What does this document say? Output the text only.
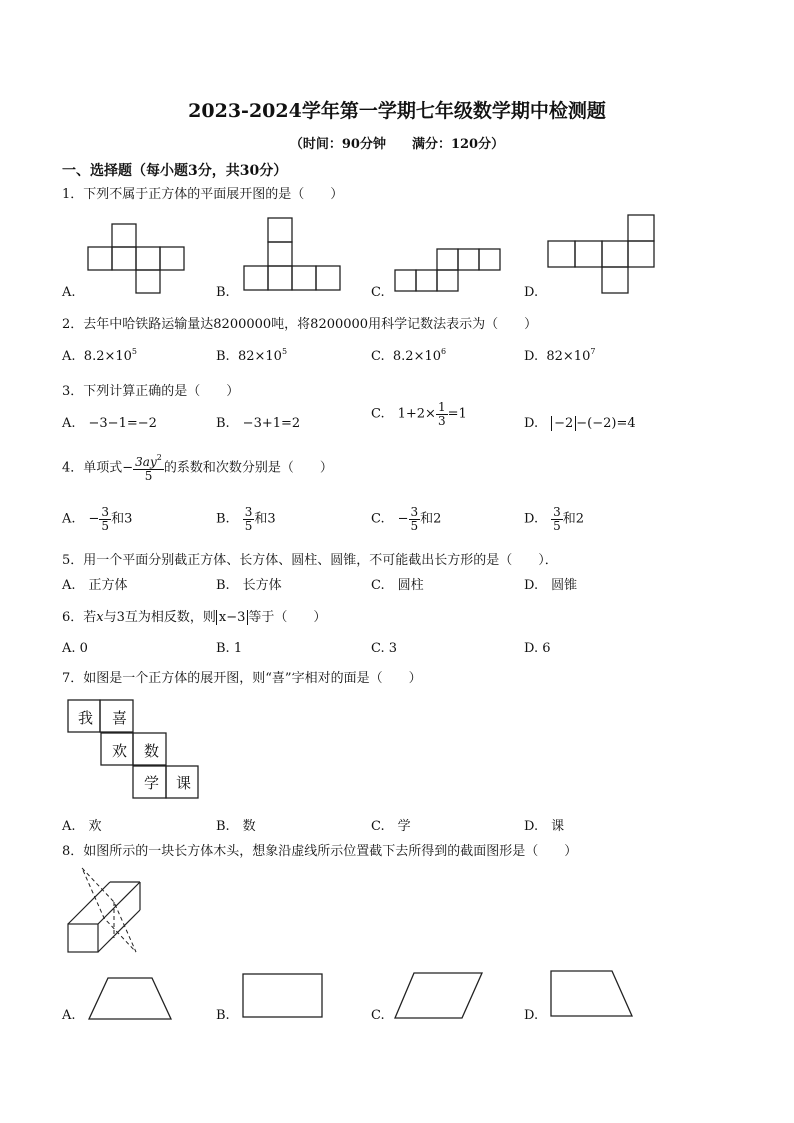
2023-2024学年第一学期七年级数学期中检测题
（时间：90分钟　　满分：120分）
一、选择题（每小题3分，共30分）
1．下列不属于正方体的平面展开图的是（　　）
A.	B.	C.	D.
2．去年中哈铁路运输量达8200000吨，将8200000用科学记数法表示为（　　）
A. $8.2\times 10^5$	B. $82\times 10^5$	C. $8.2\times 10^6$	D. $82\times 10^7$
3．下列计算正确的是（　　）
A.　−3−1=−2	B.　−3+1=2
C.　$1+2\times \frac{1}{3} =1$
D.　−2 −(−2)=4
4．单项式− $\frac{3ay^2}{5}$ 的系数和次数分别是（　　）
A.　− $\frac{3}{5}$ 和3	B.　 $\frac{3}{5}$ 和3	C.　− $\frac{3}{5}$ 和2	D.　 $\frac{3}{5}$ 和2
5．用一个平面分别截正方体、长方体、圆柱、圆锥，不可能截出长方形的是（　　）．
A.　正方体	B.　长方体	C.　圆柱	D.　圆锥
6．若x与3互为相反数，则 x−3 等于（　　）
A. 0	B. 1	C. 3	D. 6
7．如图是一个正方体的展开图，则“喜”字相对的面是（　　）
我 喜
欢 数
学 课
A.　欢	B.　数	C.　学	D.　课
8．如图所示的一块长方体木头，想象沿虚线所示位置截下去所得到的截面图形是（　　）
A.	B.	C.	D.
